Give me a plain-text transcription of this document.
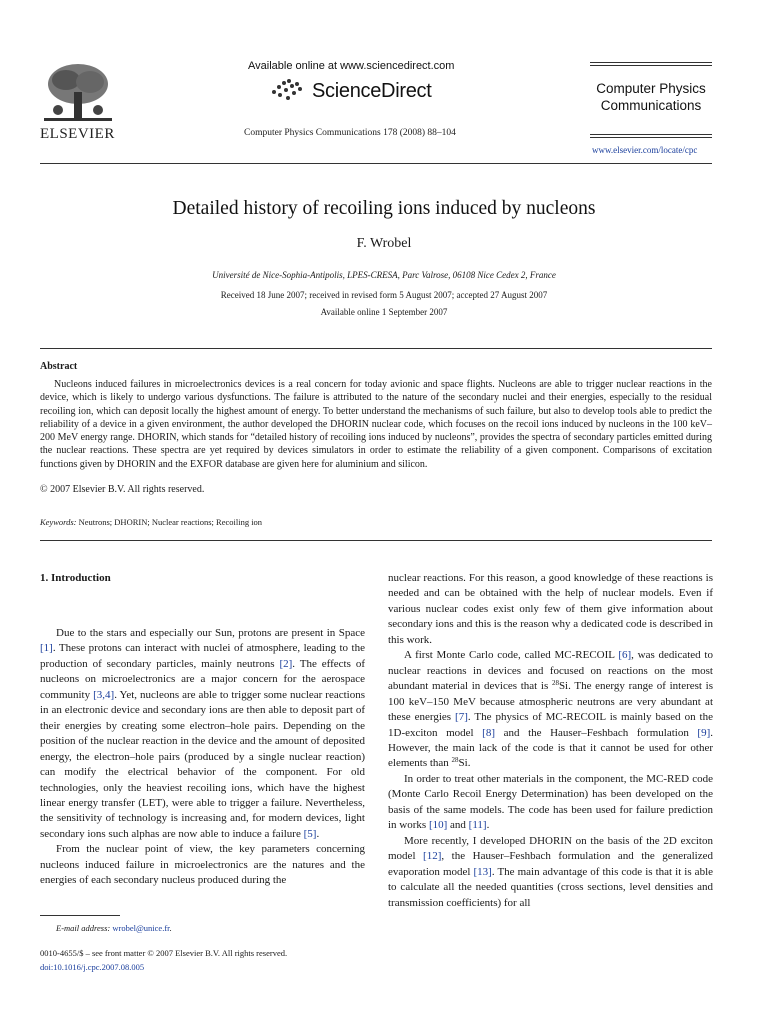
ELSEVIER
Available online at www.sciencedirect.com
ScienceDirect
Computer Physics Communications 178 (2008) 88–104
Computer Physics
Communications
www.elsevier.com/locate/cpc
Detailed history of recoiling ions induced by nucleons
F. Wrobel
Université de Nice-Sophia-Antipolis, LPES-CRESA, Parc Valrose, 06108 Nice Cedex 2, France
Received 18 June 2007; received in revised form 5 August 2007; accepted 27 August 2007
Available online 1 September 2007
Abstract
Nucleons induced failures in microelectronics devices is a real concern for today avionic and space flights. Nucleons are able to trigger nuclear reactions in the device, which is likely to undergo various dysfunctions. The failure is attributed to the nature of the secondary nuclei and their energies, especially to the residual recoiling ion, which can deposit locally the highest amount of energy. To better understand the mechanisms of such failure, but also to develop tools able to predict the reliability of a device in a given environment, the author developed the DHORIN nuclear code, which focuses on the recoil ions induced by nucleons in the 100 keV–200 MeV energy range. DHORIN, which stands for “detailed history of recoiling ions induced by nucleons”, provides the spectra of secondary particles emitted during the nuclear reactions. These spectra are yet required by devices simulators in order to estimate the reliability of a given component. Comparisons of excitation functions given by DHORIN and the EXFOR database are given here for aluminium and silicon.
© 2007 Elsevier B.V. All rights reserved.
Keywords: Neutrons; DHORIN; Nuclear reactions; Recoiling ion
1. Introduction

Due to the stars and especially our Sun, protons are present in Space [1]. These protons can interact with nuclei of atmosphere, leading to the production of secondary particles, mainly neutrons [2]. The effects of nucleons on microelectronics are a major concern for the aerospace community [3,4]. Yet, nucleons are able to trigger some nuclear reactions in an electronic device and secondary ions are then able to deposit part of their energies by creating some electron–hole pairs. Depending on the position of the nuclear reaction in the device and the amount of deposited energy, the electron–hole pairs (produced by a single nuclear reaction) can modify the electrical behavior of the component. For old technologies, only the heaviest recoiling ions, which have the highest linear energy transfer (LET), were able to trigger a failure. Nevertheless, the sensitivity of technology is increasing and, for modern devices, light secondary ions such alphas are now able to induce a failure [5].

From the nuclear point of view, the key parameters concerning nucleons induced failure in microelectronics are the natures and the energies of each secondary nucleus produced during the

nuclear reactions. For this reason, a good knowledge of these reactions is needed and can be obtained with the help of nuclear models. Even if various nuclear codes exist only few of them give information about secondary ions and this is the reason why a dedicated code is described in this work.

A first Monte Carlo code, called MC-RECOIL [6], was dedicated to nuclear reactions in devices and focused on reactions on the most abundant material in devices that is $^{28}$Si. The energy range of interest is 100 keV–150 MeV because atmospheric neutrons are very abundant at these energies [7]. The physics of MC-RECOIL is mainly based on the 1D-exciton model [8] and the Hauser–Feshbach formulation [9]. However, the main lack of the code is that it cannot be used for other elements than $^{28}$Si.

In order to treat other materials in the component, the MC-RED code (Monte Carlo Recoil Energy Determination) has been developed on the basis of the same models. The code has been used for failure prediction in works [10] and [11].

More recently, I developed DHORIN on the basis of the 2D exciton model [12], the Hauser–Feshbach formulation and the generalized evaporation model [13]. The main advantage of this code is that it is able to calculate all the needed quantities (cross sections, level densities and transmission coefficients) for all

E-mail address: wrobel@unice.fr.
0010-4655/$ – see front matter © 2007 Elsevier B.V. All rights reserved.
doi:10.1016/j.cpc.2007.08.005
